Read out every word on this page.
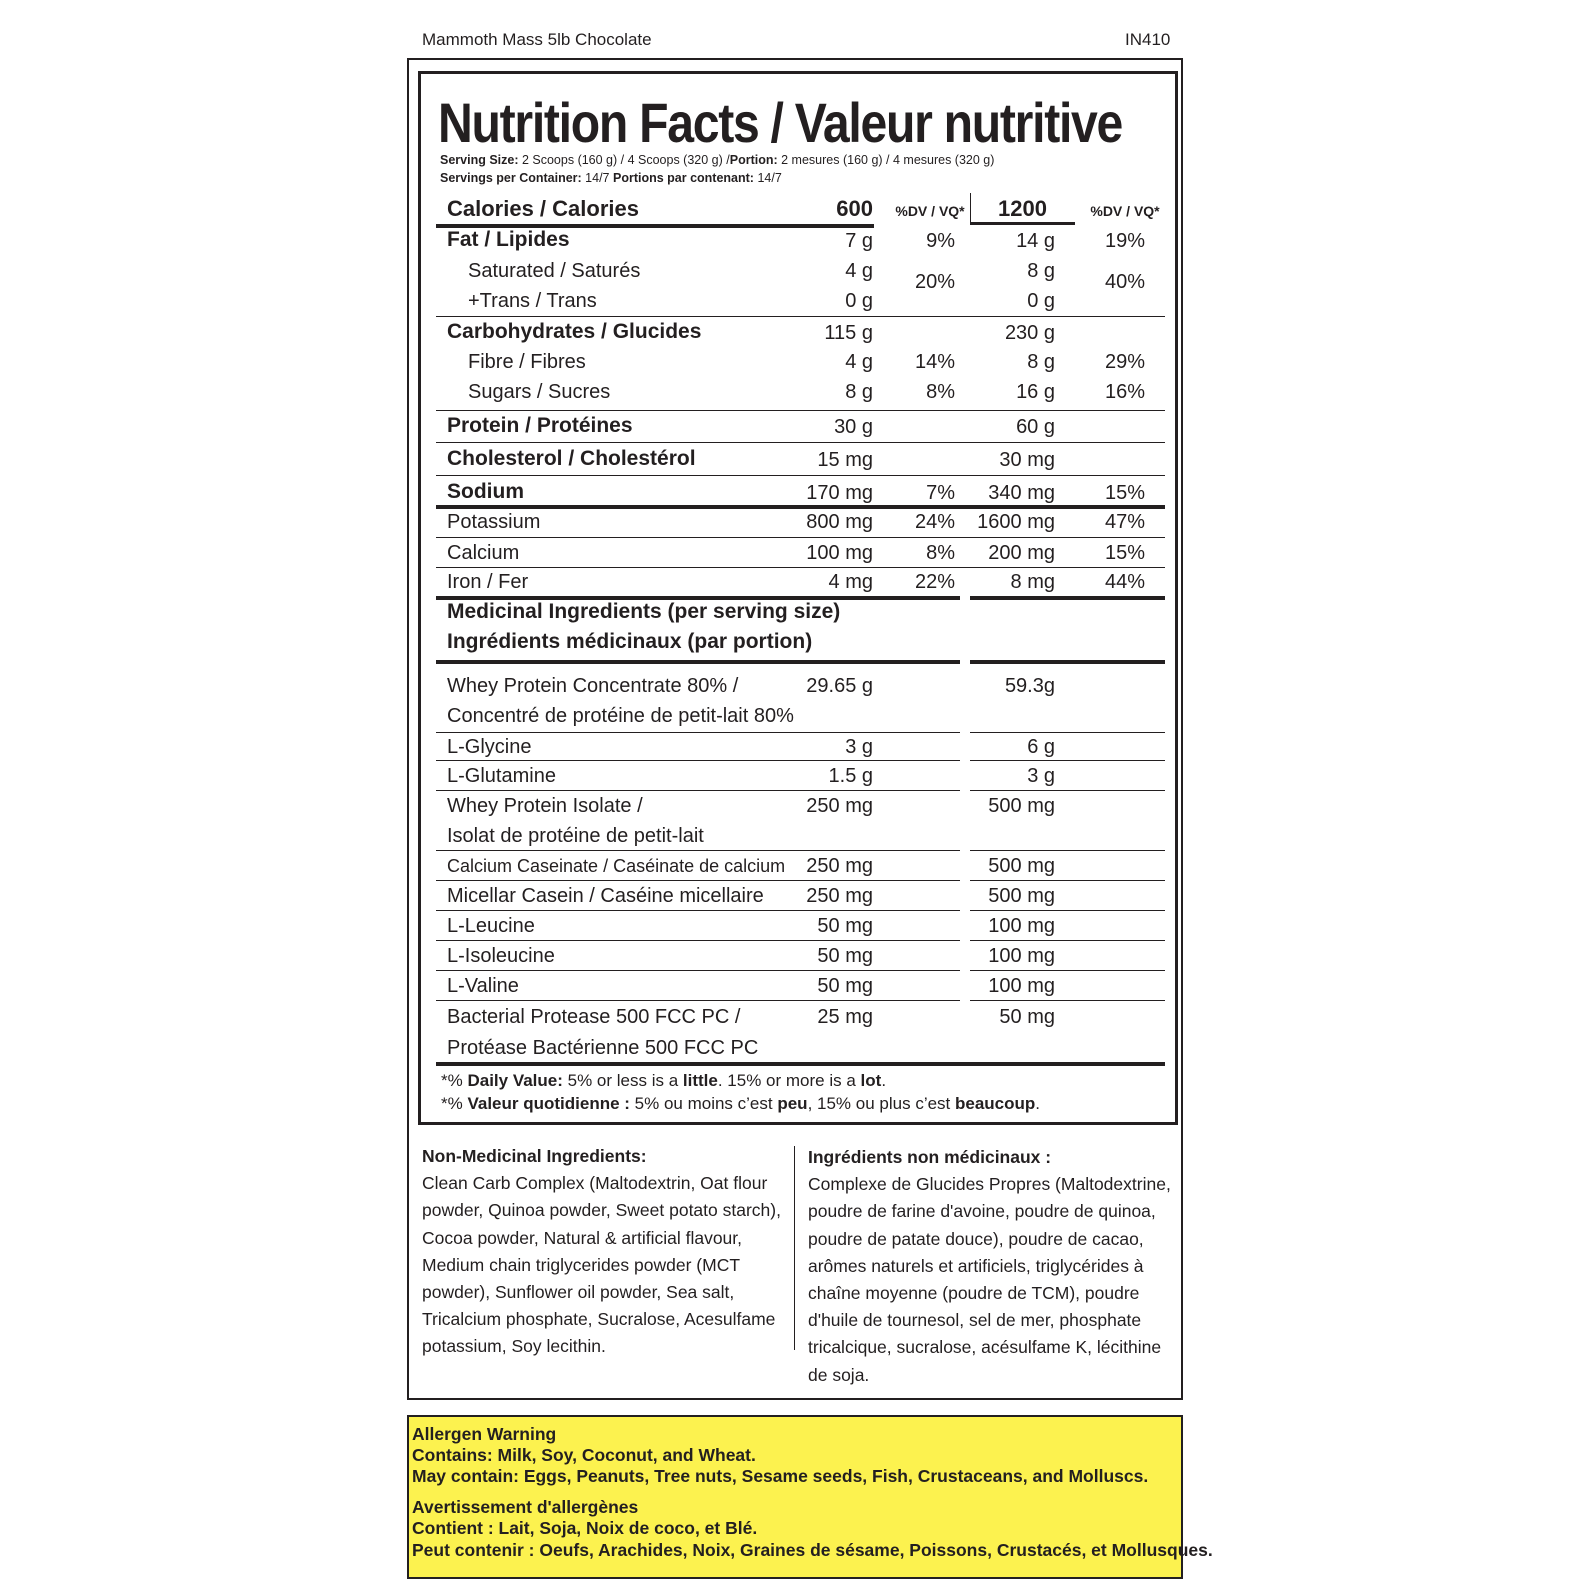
Mammoth Mass 5lb Chocolate	IN410
Nutrition Facts / Valeur nutritive
Serving Size: 2 Scoops (160 g) / 4 Scoops (320 g) /Portion: 2 mesures (160 g) / 4 mesures (320 g)
Servings per Container: 14/7 Portions par contenant: 14/7
Calories / Calories	600	%DV / VQ*	1200	%DV / VQ*
Fat / Lipides	7 g	9%	14 g	19%
Saturated / Saturés	4 g	8 g
20%	40%
+Trans / Trans	0 g	0 g
Carbohydrates / Glucides	115 g	230 g
Fibre / Fibres	4 g	14%	8 g	29%
Sugars / Sucres	8 g	8%	16 g	16%
Protein / Protéines	30 g	60 g
Cholesterol / Cholestérol	15 mg	30 mg
Sodium	170 mg	7%	340 mg	15%
Potassium	800 mg	24%	1600 mg	47%
Calcium	100 mg	8%	200 mg	15%
Iron / Fer	4 mg	22%	8 mg	44%
Medicinal Ingredients (per serving size)
Ingrédients médicinaux (par portion)
Whey Protein Concentrate 80% /
Concentré de protéine de petit-lait 80%
29.65 g	59.3g
L-Glycine	3 g	6 g
L-Glutamine	1.5 g	3 g
Whey Protein Isolate /
Isolat de protéine de petit-lait
250 mg	500 mg
Calcium Caseinate / Caséinate de calcium	250 mg	500 mg
Micellar Casein / Caséine micellaire	250 mg	500 mg
L-Leucine	50 mg	100 mg
L-Isoleucine	50 mg	100 mg
L-Valine	50 mg	100 mg
Bacterial Protease 500 FCC PC /
Protéase Bactérienne 500 FCC PC
25 mg	50 mg
*% Daily Value: 5% or less is a little. 15% or more is a lot.
*% Valeur quotidienne : 5% ou moins c’est peu, 15% ou plus c’est beaucoup.
Non-Medicinal Ingredients:
Clean Carb Complex (Maltodextrin, Oat flour powder, Quinoa powder, Sweet potato starch), Cocoa powder, Natural & artificial flavour, Medium chain triglycerides powder (MCT powder), Sunflower oil powder, Sea salt, Tricalcium phosphate, Sucralose, Acesulfame potassium, Soy lecithin.
Ingrédients non médicinaux :
Complexe de Glucides Propres (Maltodextrine, poudre de farine d'avoine, poudre de quinoa, poudre de patate douce), poudre de cacao, arômes naturels et artificiels, triglycérides à chaîne moyenne (poudre de TCM), poudre d'huile de tournesol, sel de mer, phosphate tricalcique, sucralose, acésulfame K, lécithine de soja.
Allergen Warning
Contains: Milk, Soy, Coconut, and Wheat.
May contain: Eggs, Peanuts, Tree nuts, Sesame seeds, Fish, Crustaceans, and Molluscs.
Avertissement d'allergènes
Contient : Lait, Soja, Noix de coco, et Blé.
Peut contenir : Oeufs, Arachides, Noix, Graines de sésame, Poissons, Crustacés, et Mollusques.
